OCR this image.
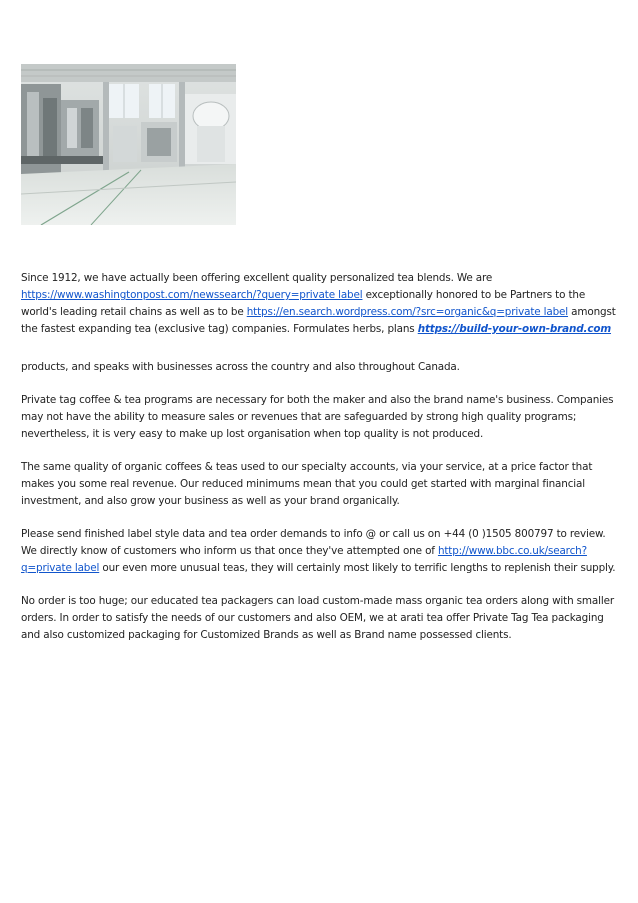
Since 1912, we have actually been offering excellent quality personalized tea blends. We are https://www.washingtonpost.com/newssearch/?query=private label exceptionally honored to be Partners to the world's leading retail chains as well as to be https://en.search.wordpress.com/?src=organic&q=private label amongst the fastest expanding tea (exclusive tag) companies. Formulates herbs, plans https://build-your-own-brand.com

products, and speaks with businesses across the country and also throughout Canada.

Private tag coffee & tea programs are necessary for both the maker and also the brand name's business. Companies may not have the ability to measure sales or revenues that are safeguarded by strong high quality programs; nevertheless, it is very easy to make up lost organisation when top quality is not produced.

The same quality of organic coffees & teas used to our specialty accounts, via your service, at a price factor that makes you some real revenue. Our reduced minimums mean that you could get started with marginal financial investment, and also grow your business as well as your brand organically.

Please send finished label style data and tea order demands to info @ or call us on +44 (0 )1505 800797 to review. We directly know of customers who inform us that once they've attempted one of http://www.bbc.co.uk/search?q=private label our even more unusual teas, they will certainly most likely to terrific lengths to replenish their supply.

No order is too huge; our educated tea packagers can load custom-made mass organic tea orders along with smaller orders. In order to satisfy the needs of our customers and also OEM, we at arati tea offer Private Tag Tea packaging and also customized packaging for Customized Brands as well as Brand name possessed clients.
